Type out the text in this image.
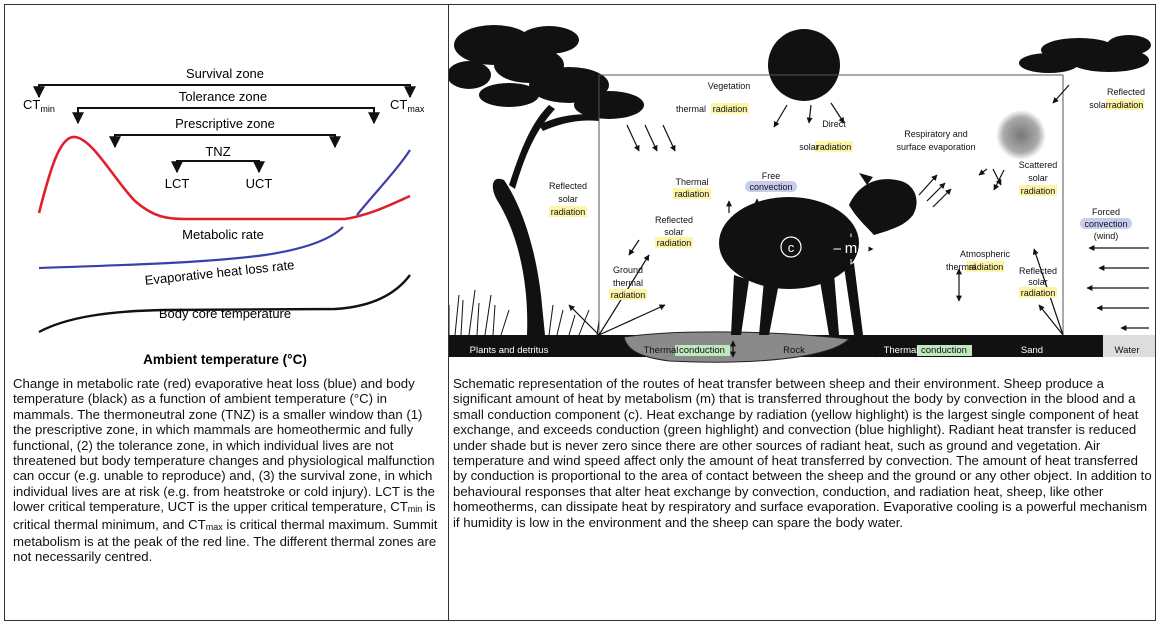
Survival zone
$CT_{min}$	$CT_{max}$
Tolerance zone
Prescriptive zone
TNZ
LCT	UCT
Metabolic rate
Evaporative heat loss rate
Body core temperature
Ambient temperature (°C)
Change in metabolic rate (red) evaporative heat loss (blue) and body temperature (black) as a function of ambient temperature (°C) in mammals. The thermoneutral zone (TNZ) is a smaller window than (1) the prescriptive zone, in which mammals are homeothermic and fully functional, (2) the tolerance zone, in which individual lives are not threatened but body temperature changes and physiological malfunction can occur (e.g. unable to reproduce) and, (3) the survival zone, in which individual lives are at risk (e.g. from heatstroke or cold injury). LCT is the lower critical temperature, UCT is the upper critical temperature, CTmin is critical thermal minimum, and CTmax is critical thermal maximum. Summit metabolism is at the peak of the red line. The different thermal zones are not necessarily centred.
c	m
Vegetation
thermal radiation
Direct
solar
radiation
Respiratory and
surface evaporation
Reflected
solar radiation
Scattered
solar
radiation
Reflected
solar
radiation
Thermal
radiation
Free
convection
Reflected
solar
radiation
Ground
thermal
radiation
Atmospheric
thermal
radiation Reflected
solar
radiation
Forced
convection
(wind)
Plants and detritus	Thermal conduction	Rock	Thermal conduction	Sand	Water
Schematic representation of the routes of heat transfer between sheep and their environment. Sheep produce a significant amount of heat by metabolism (m) that is transferred throughout the body by convection in the blood and a small conduction component (c). Heat exchange by radiation (yellow highlight) is the largest single component of heat exchange, and exceeds conduction (green highlight) and convection (blue highlight). Radiant heat transfer is reduced under shade but is never zero since there are other sources of radiant heat, such as ground and vegetation. Air temperature and wind speed affect only the amount of heat transferred by convection. The amount of heat transferred by conduction is proportional to the area of contact between the sheep and the ground or any other object. In addition to behavioural responses that alter heat exchange by convection, conduction, and radiation heat, sheep, like other homeotherms, can dissipate heat by respiratory and surface evaporation. Evaporative cooling is a powerful mechanism if humidity is low in the environment and the sheep can spare the body water.
